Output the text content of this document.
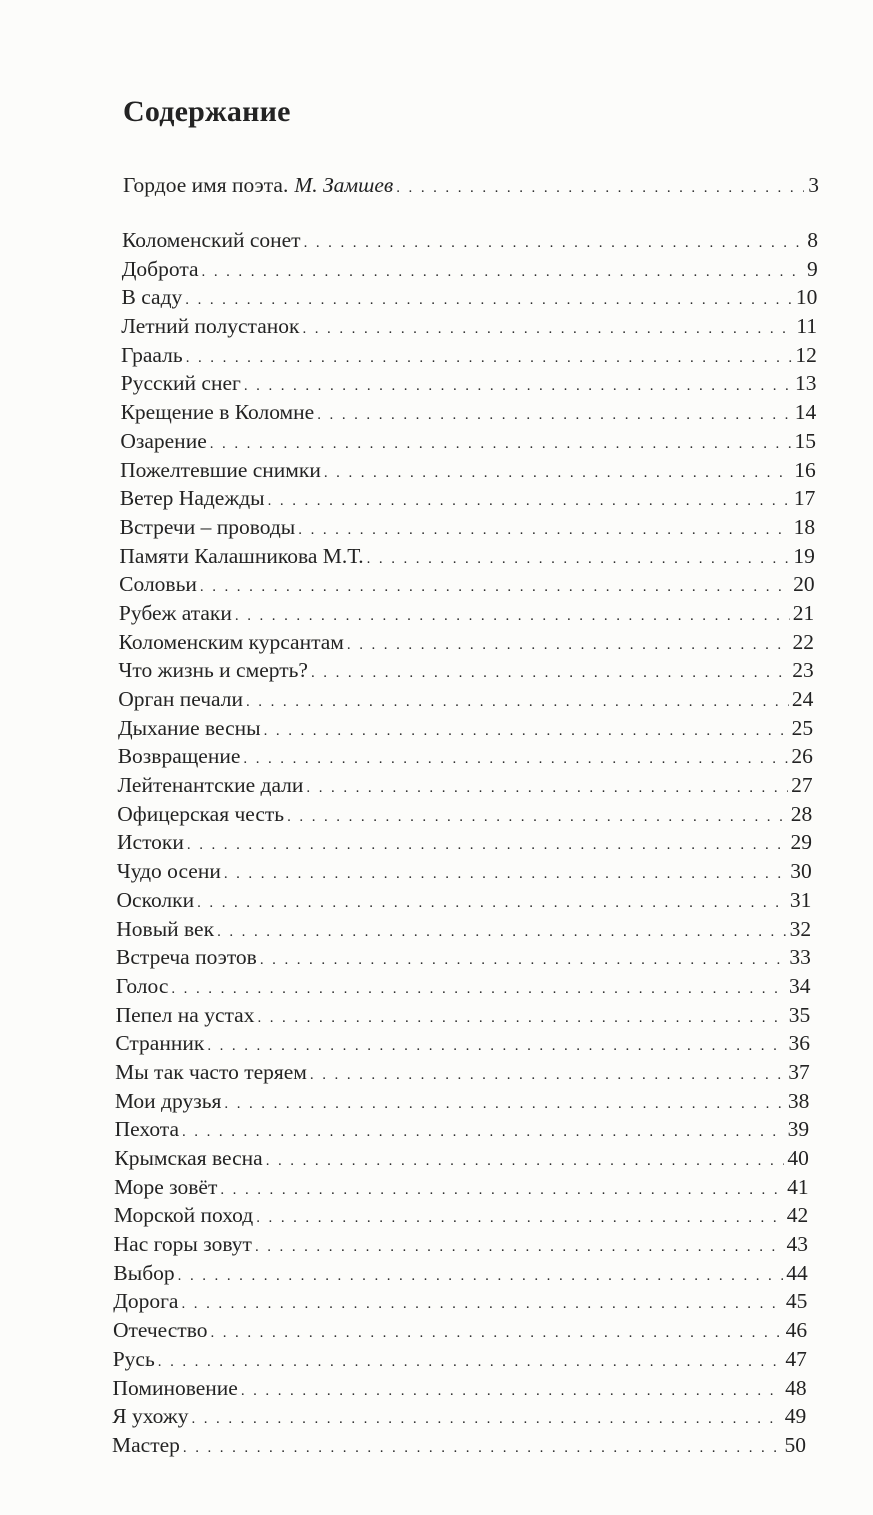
Содержание
Гордое имя поэта. М. Замшев . . .	3
Коломенский сонет . . .	8
Доброта . . .	9
В саду . . .	10
Летний полустанок . . .	11
Грааль . . .	12
Русский снег . . .	13
Крещение в Коломне . . .	14
Озарение . . .	15
Пожелтевшие снимки . . .	16
Ветер Надежды . . .	17
Встречи – проводы . . .	18
Памяти Калашникова М.Т. . . .	19
Соловьи . . .	20
Рубеж атаки . . .	21
Коломенским курсантам . . .	22
Что жизнь и смерть? . . .	23
Орган печали . . .	24
Дыхание весны . . .	25
Возвращение . . .	26
Лейтенантские дали . . .	27
Офицерская честь . . .	28
Истоки . . .	29
Чудо осени . . .	30
Осколки . . .	31
Новый век . . .	32
Встреча поэтов . . .	33
Голос . . .	34
Пепел на устах . . .	35
Странник . . .	36
Мы так часто теряем . . .	37
Мои друзья . . .	38
Пехота . . .	39
Крымская весна . . .	40
Море зовёт . . .	41
Морской поход . . .	42
Нас горы зовут . . .	43
Выбор . . .	44
Дорога . . .	45
Отечество . . .	46
Русь . . .	47
Поминовение . . .	48
Я ухожу . . .	49
Мастер . . .	50
